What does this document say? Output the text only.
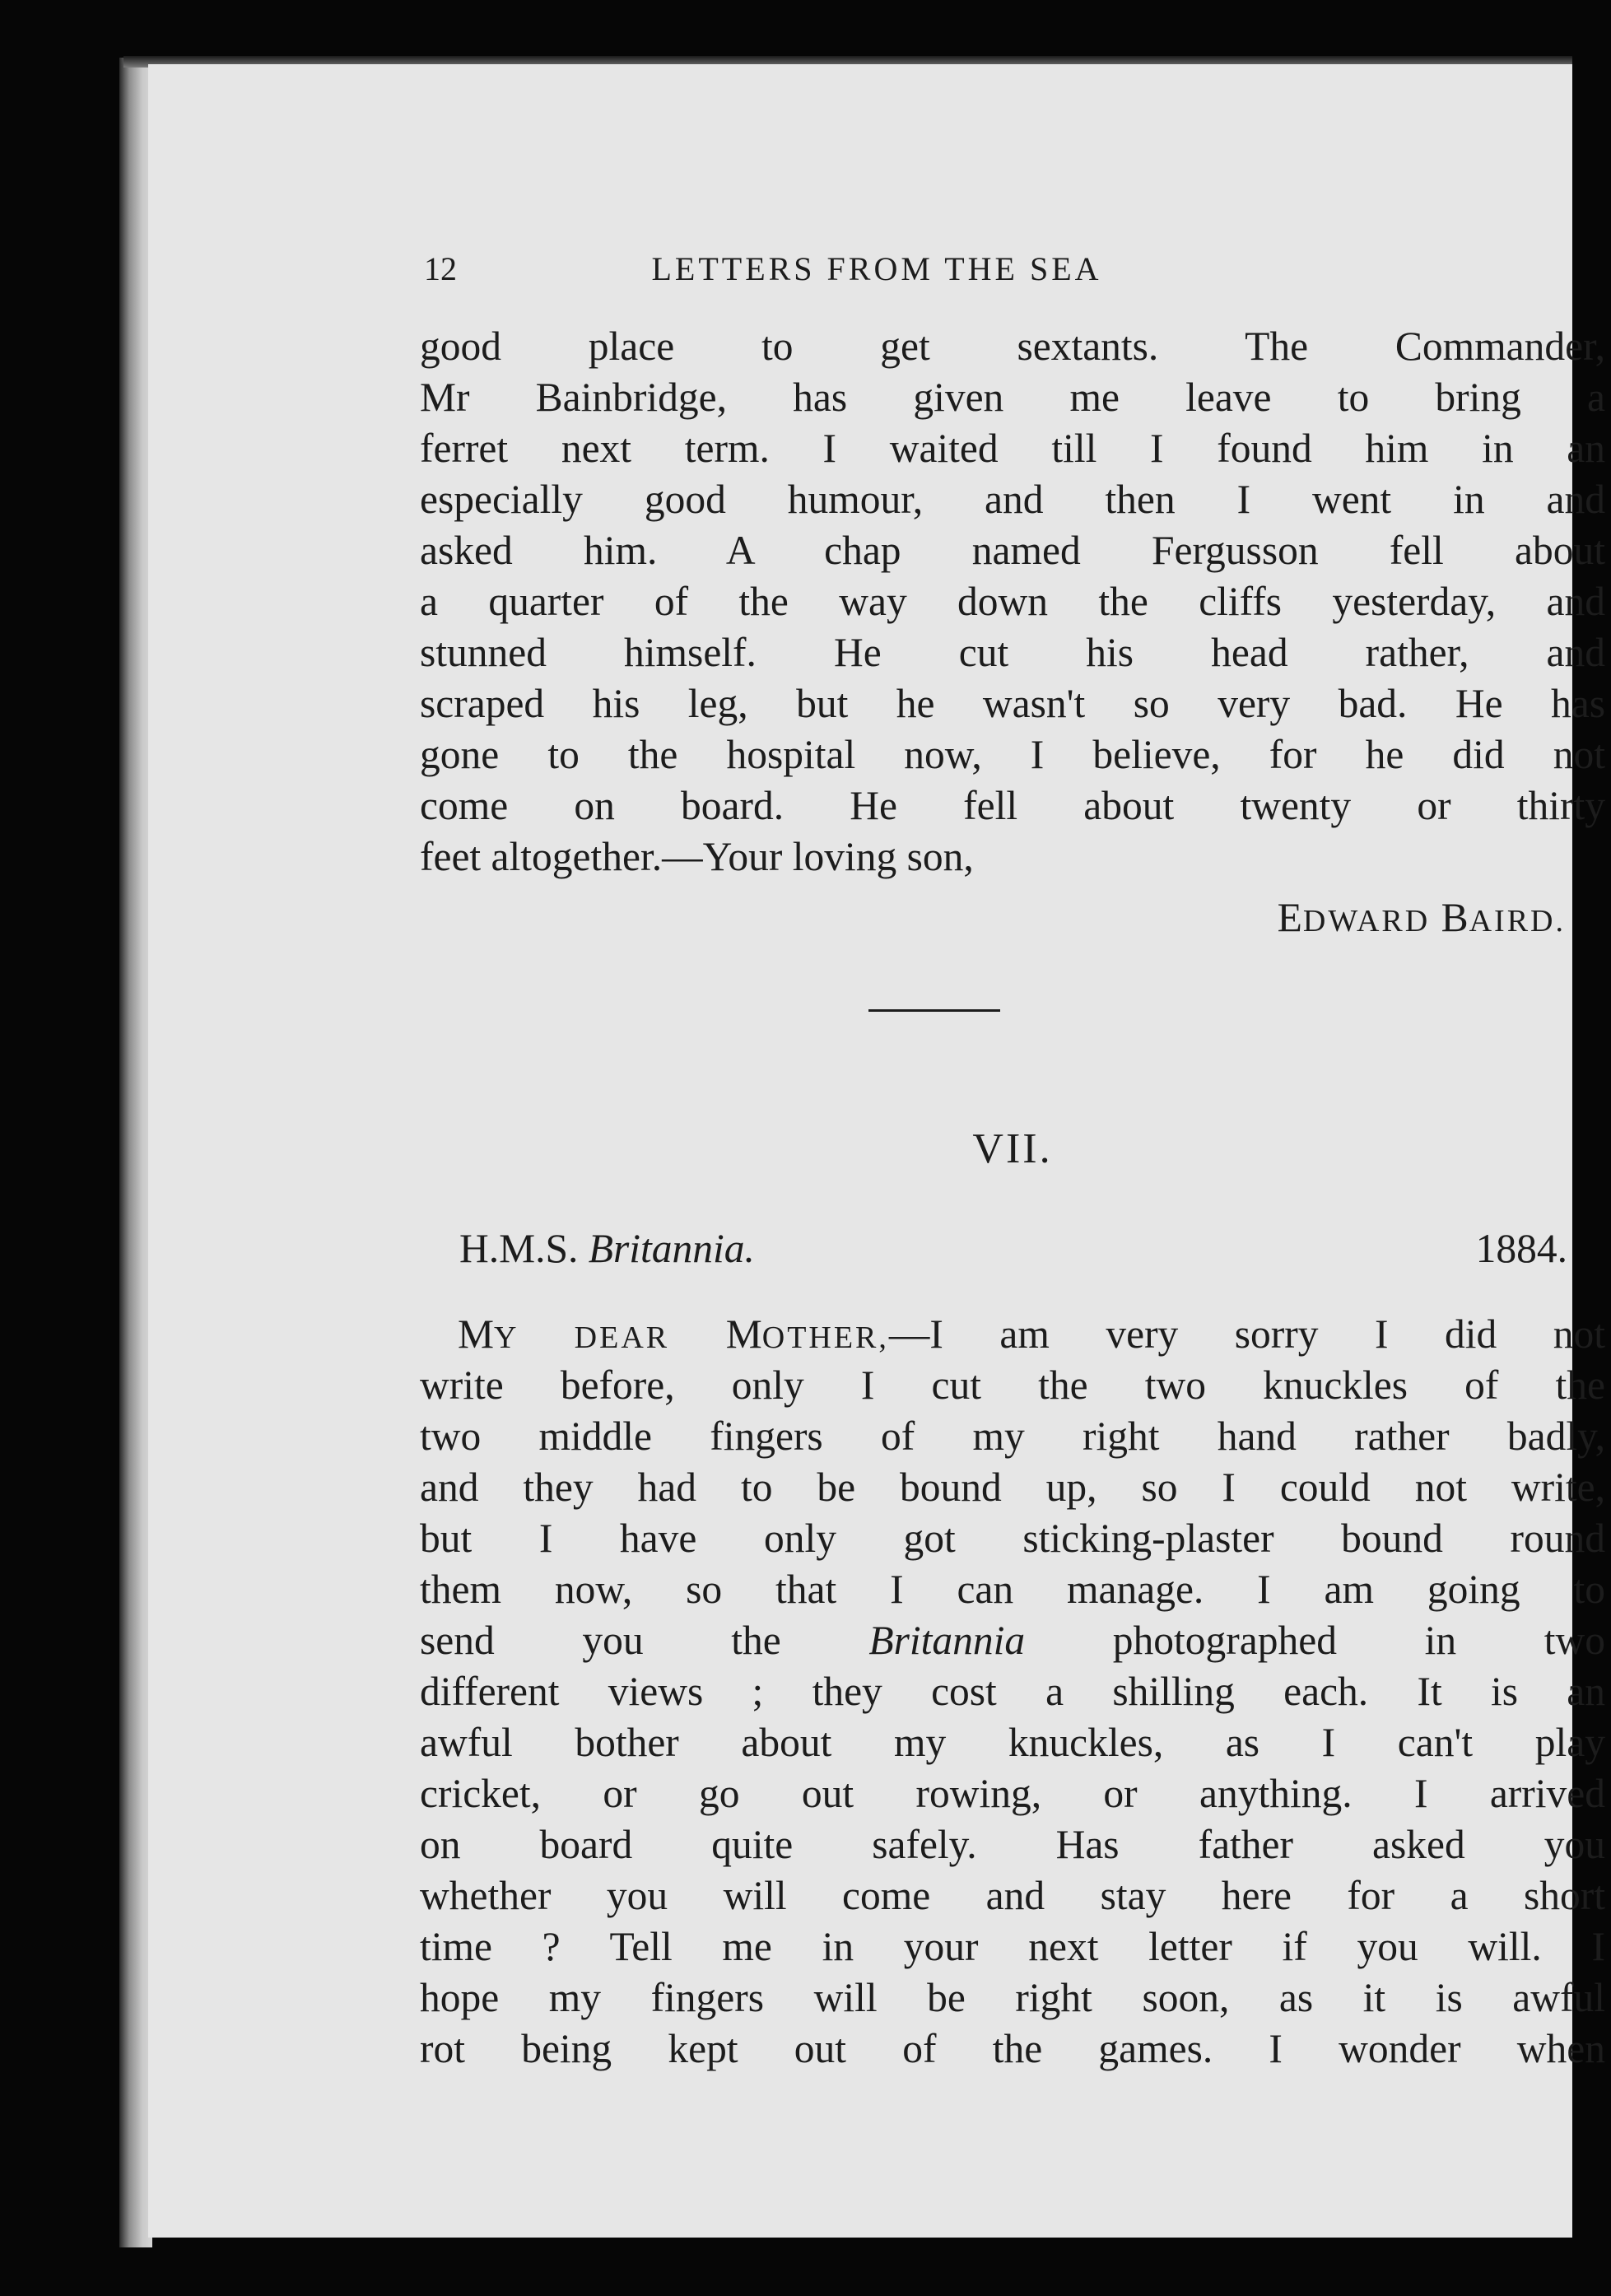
12	LETTERS FROM THE SEA
good place to get sextants. The Commander,
Mr Bainbridge, has given me leave to bring a
ferret next term. I waited till I found him in an
especially good humour, and then I went in and
asked him. A chap named Fergusson fell about
a quarter of the way down the cliffs yesterday, and
stunned himself. He cut his head rather, and
scraped his leg, but he wasn't so very bad. He has
gone to the hospital now, I believe, for he did not
come on board. He fell about twenty or thirty
feet altogether.—Your loving son,
EDWARD BAIRD.
VII.
H.M.S. Britannia.	1884.
MY DEAR MOTHER,—I am very sorry I did not
write before, only I cut the two knuckles of the
two middle fingers of my right hand rather badly,
and they had to be bound up, so I could not write,
but I have only got sticking-plaster bound round
them now, so that I can manage. I am going to
send you the Britannia photographed in two
different views ; they cost a shilling each. It is an
awful bother about my knuckles, as I can't play
cricket, or go out rowing, or anything. I arrived
on board quite safely. Has father asked you
whether you will come and stay here for a short
time ? Tell me in your next letter if you will. I
hope my fingers will be right soon, as it is awful
rot being kept out of the games. I wonder when
